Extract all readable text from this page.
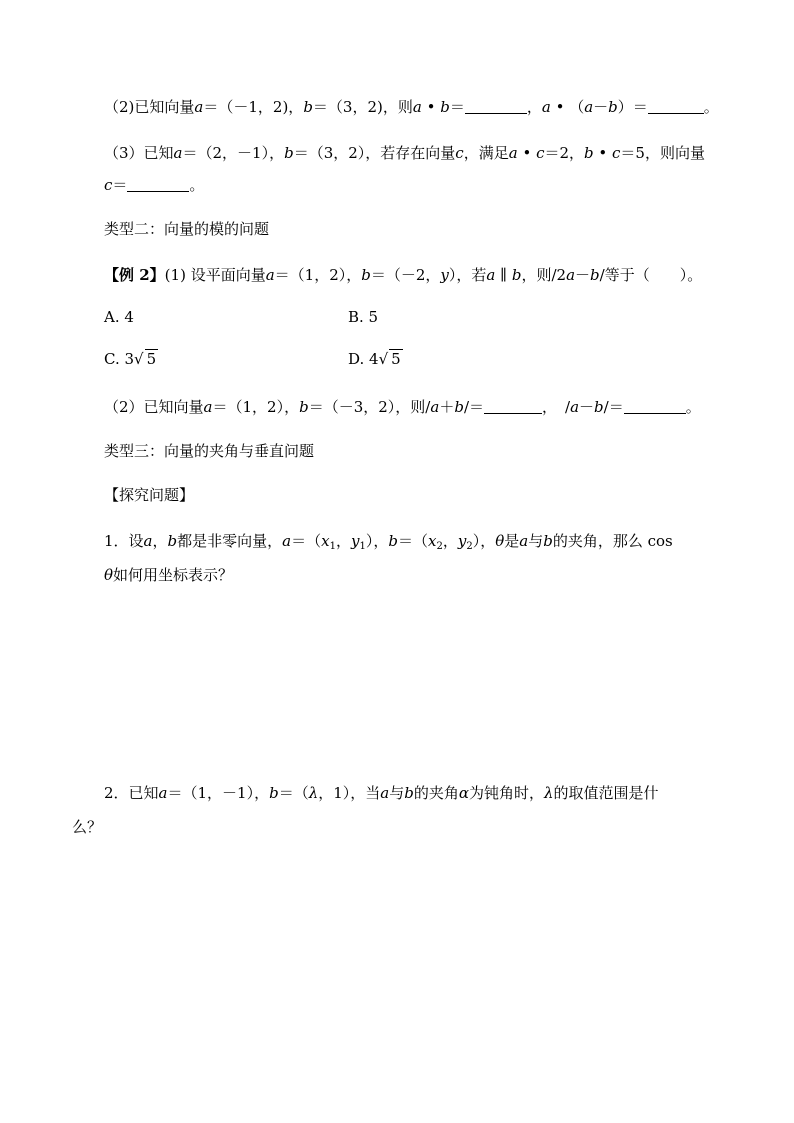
（2)已知向量a＝（－1，2)，b＝（3，2)，则a • b＝	，a • （a－b）＝	。
（3）已知a＝（2，－1），b＝（3，2），若存在向量c，满足a • c＝2，b • c＝5，则向量
c＝	。
类型二：向量的模的问题
【例 2】(1) 设平面向量a＝（1，2），b＝（－2，y），若a ∥ b，则/2a－b/等于（　　）。
A. 4	B. 5
C. 3√ 5	D. 4√ 5
（2）已知向量a＝（1，2），b＝（－3，2），则/a＋b/＝	， /a－b/＝	。
类型三：向量的夹角与垂直问题
【探究问题】
1．设a，b都是非零向量，$a=(x_1$，$y_1$），$b=(x_2$，$y_2$），θ是a与b的夹角，那么 cos
θ如何用坐标表示？
2．已知a＝（1，－1），b＝（λ，1），当a与b的夹角α为钝角时，λ的取值范围是什
么？
